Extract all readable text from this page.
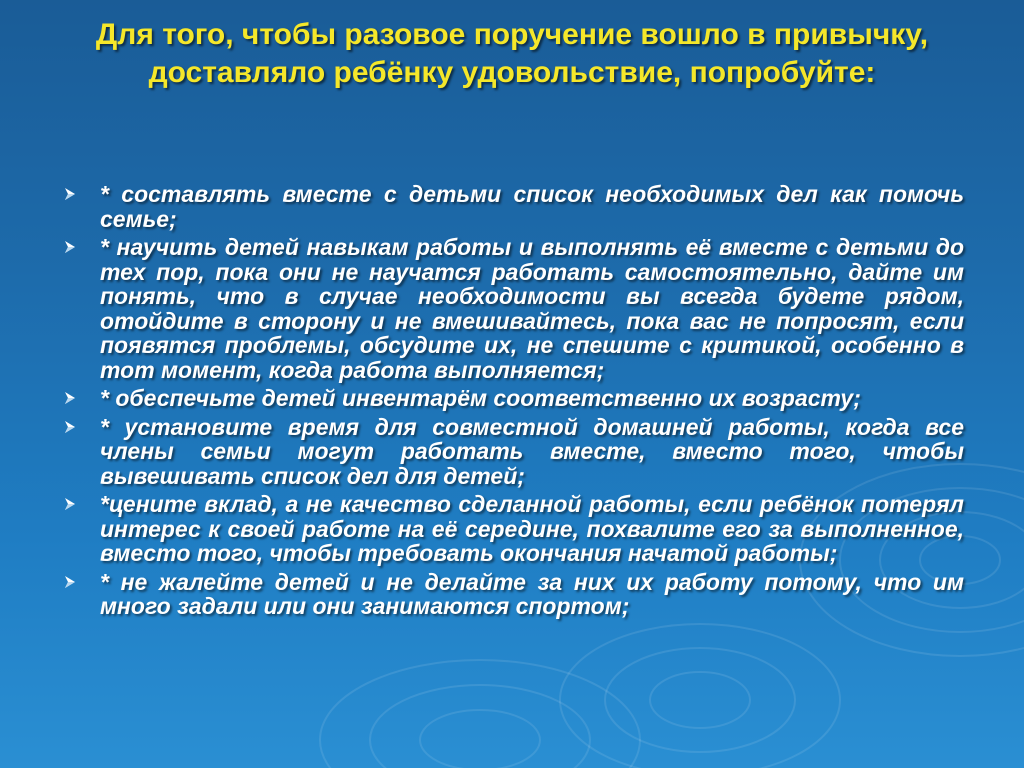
Для того, чтобы разовое поручение вошло в привычку, доставляло ребёнку удовольствие, попробуйте:
* составлять вместе с детьми список необходимых дел как помочь семье;
* научить детей навыкам работы и выполнять её вместе с детьми до тех пор, пока они не научатся работать самостоятельно, дайте им понять, что в случае необходимости вы всегда будете рядом, отойдите в сторону и не вмешивайтесь, пока вас не попросят, если появятся проблемы, обсудите их, не спешите с критикой, особенно в тот момент, когда работа выполняется;
* обеспечьте детей инвентарём соответственно их возрасту;
* установите время для совместной домашней работы, когда все члены семьи могут работать вместе, вместо того, чтобы вывешивать список дел для детей;
*цените вклад, а не качество сделанной работы, если ребёнок потерял интерес к своей работе на её середине, похвалите его за выполненное, вместо того, чтобы требовать окончания начатой работы;
* не жалейте детей и не делайте за них их работу потому, что им много задали или они занимаются спортом;
